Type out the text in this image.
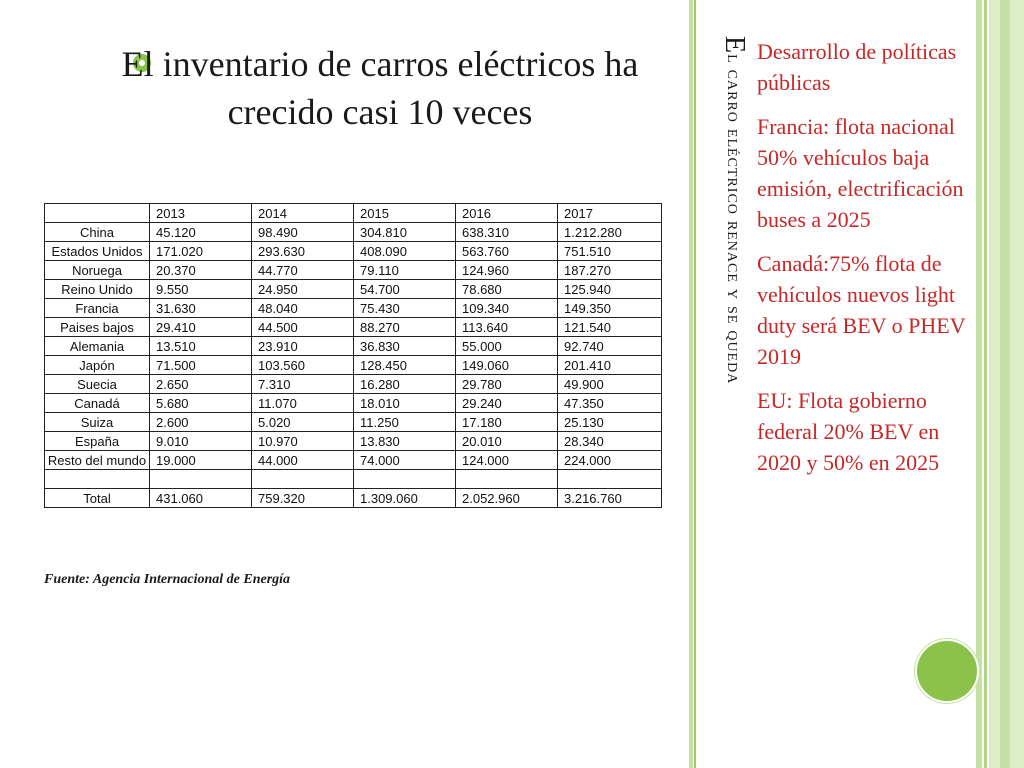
El inventario de carros eléctricos ha crecido casi 10 veces
	2013	2014	2015	2016	2017
China	45.120	98.490	304.810	638.310	1.212.280
Estados Unidos	171.020	293.630	408.090	563.760	751.510
Noruega	20.370	44.770	79.110	124.960	187.270
Reino Unido	9.550	24.950	54.700	78.680	125.940
Francia	31.630	48.040	75.430	109.340	149.350
Paises bajos	29.410	44.500	88.270	113.640	121.540
Alemania	13.510	23.910	36.830	55.000	92.740
Japón	71.500	103.560	128.450	149.060	201.410
Suecia	2.650	7.310	16.280	29.780	49.900
Canadá	5.680	11.070	18.010	29.240	47.350
Suiza	2.600	5.020	11.250	17.180	25.130
España	9.010	10.970	13.830	20.010	28.340
Resto del mundo	19.000	44.000	74.000	124.000	224.000

Total	431.060	759.320	1.309.060	2.052.960	3.216.760
Fuente: Agencia Internacional de Energía
El carro eléctrico renace y se queda

Desarrollo de políticas públicas

Francia: flota nacional 50% vehículos baja emisión, electrificación buses a 2025

Canadá:75% flota de vehículos nuevos light duty será BEV o PHEV 2019

EU: Flota gobierno federal 20% BEV en 2020 y 50% en 2025
